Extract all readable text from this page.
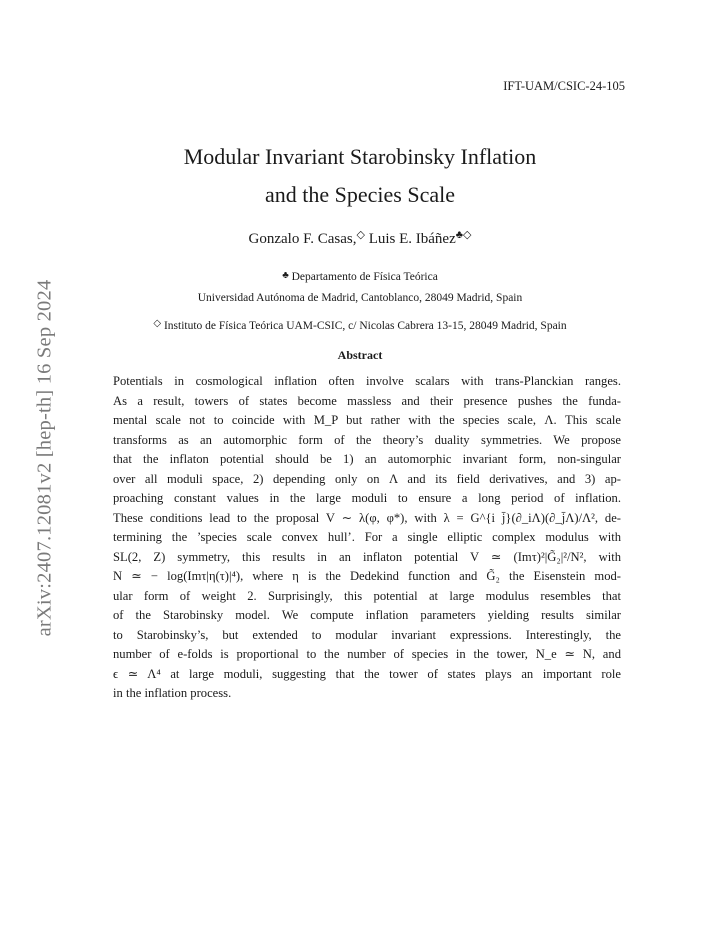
IFT-UAM/CSIC-24-105
Modular Invariant Starobinsky Inflation
and the Species Scale
Gonzalo F. Casas,◇ Luis E. Ibáñez♣◇
♣ Departamento de Física Teórica
Universidad Autónoma de Madrid, Cantoblanco, 28049 Madrid, Spain
◇ Instituto de Física Teórica UAM-CSIC, c/ Nicolas Cabrera 13-15, 28049 Madrid, Spain
Abstract
Potentials in cosmological inflation often involve scalars with trans-Planckian ranges.
As a result, towers of states become massless and their presence pushes the funda-
mental scale not to coincide with M_P but rather with the species scale, Λ. This scale
transforms as an automorphic form of the theory’s duality symmetries. We propose
that the inflaton potential should be 1) an automorphic invariant form, non-singular
over all moduli space, 2) depending only on Λ and its field derivatives, and 3) ap-
proaching constant values in the large moduli to ensure a long period of inflation.
These conditions lead to the proposal V ∼ λ(φ, φ*), with λ = G^{i j̄}(∂_iΛ)(∂_j̄Λ)/Λ², de-
termining the ’species scale convex hull’. For a single elliptic complex modulus with
SL(2, Z) symmetry, this results in an inflaton potential V ≃ (Imτ)²|G̃₂|²/N², with
N ≃ − log(Imτ|η(τ)|⁴), where η is the Dedekind function and G̃₂ the Eisenstein mod-
ular form of weight 2. Surprisingly, this potential at large modulus resembles that
of the Starobinsky model. We compute inflation parameters yielding results similar
to Starobinsky’s, but extended to modular invariant expressions. Interestingly, the
number of e-folds is proportional to the number of species in the tower, N_e ≃ N, and
ϵ ≃ Λ⁴ at large moduli, suggesting that the tower of states plays an important role
in the inflation process.
arXiv:2407.12081v2 [hep-th] 16 Sep 2024
